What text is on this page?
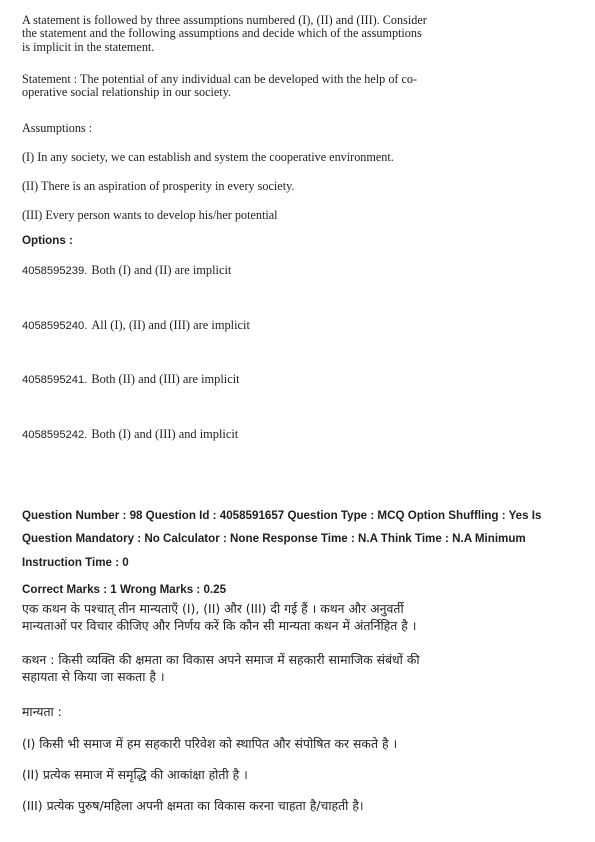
A statement is followed by three assumptions numbered (I), (II) and (III). Consider
the statement and the following assumptions and decide which of the assumptions
is implicit in the statement.

Statement : The potential of any individual can be developed with the help of co-
operative social relationship in our society.

Assumptions :

(I) In any society, we can establish and system the cooperative environment.

(II) There is an aspiration of prosperity in every society.

(III) Every person wants to develop his/her potential

Options :

4058595239. Both (I) and (II) are implicit
4058595240. All (I), (II) and (III) are implicit
4058595241. Both (II) and (III) are implicit
4058595242. Both (I) and (III) and implicit

Question Number : 98 Question Id : 4058591657 Question Type : MCQ Option Shuffling : Yes Is

Question Mandatory : No Calculator : None Response Time : N.A Think Time : N.A Minimum

Instruction Time : 0

Correct Marks : 1 Wrong Marks : 0.25

एक कथन के पश्चात् तीन मान्यताएँ (I), (II) और (III) दी गई हैं । कथन और अनुवर्ती
मान्यताओं पर विचार कीजिए और निर्णय करें कि कौन सी मान्यता कथन में अंतर्निहित है ।

कथन : किसी व्यक्ति की क्षमता का विकास अपने समाज में सहकारी सामाजिक संबंधों की
सहायता से किया जा सकता है ।

मान्यता :

(I) किसी भी समाज में हम सहकारी परिवेश को स्थापित और संपोषित कर सकते है ।

(II) प्रत्येक समाज में समृद्धि की आकांक्षा होती है ।

(III) प्रत्येक पुरुष/महिला अपनी क्षमता का विकास करना चाहता है/चाहती है।
